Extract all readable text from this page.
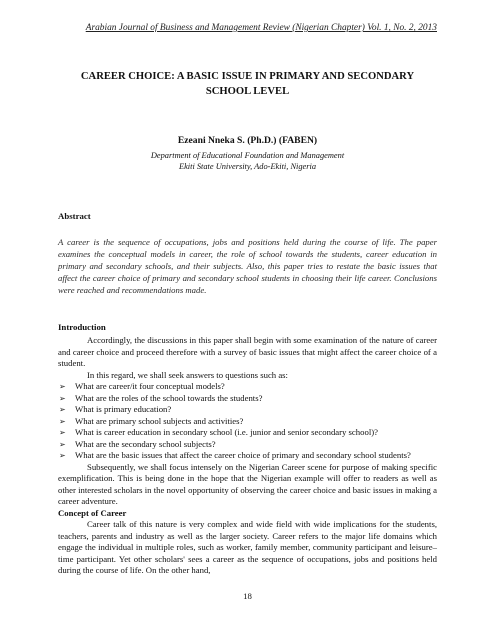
Arabian Journal of Business and Management Review (Nigerian Chapter) Vol. 1, No. 2, 2013
CAREER CHOICE: A BASIC ISSUE IN PRIMARY AND SECONDARY
SCHOOL LEVEL
Ezeani Nneka S. (Ph.D.) (FABEN)
Department of Educational Foundation and Management
Ekiti State University, Ado-Ekiti, Nigeria
Abstract
A career is the sequence of occupations, jobs and positions held during the course of life. The paper examines the conceptual models in career, the role of school towards the students, career education in primary and secondary schools, and their subjects. Also, this paper tries to restate the basic issues that affect the career choice of primary and secondary school students in choosing their life career. Conclusions were reached and recommendations made.
Introduction

Accordingly, the discussions in this paper shall begin with some examination of the nature of career and career choice and proceed therefore with a survey of basic issues that might affect the career choice of a student.

In this regard, we shall seek answers to questions such as:

➢ What are career/it four conceptual models?
➢ What are the roles of the school towards the students?
➢ What is primary education?
➢ What are primary school subjects and activities?
➢ What is career education in secondary school (i.e. junior and senior secondary school)?
➢ What are the secondary school subjects?
➢ What are the basic issues that affect the career choice of primary and secondary school students?

Subsequently, we shall focus intensely on the Nigerian Career scene for purpose of making specific exemplification. This is being done in the hope that the Nigerian example will offer to readers as well as other interested scholars in the novel opportunity of observing the career choice and basic issues in making a career adventure.

Concept of Career

Career talk of this nature is very complex and wide field with wide implications for the students, teachers, parents and industry as well as the larger society. Career refers to the major life domains which engage the individual in multiple roles, such as worker, family member, community participant and leisure–time participant. Yet other scholars' sees a career as the sequence of occupations, jobs and positions held during the course of life. On the other hand,

18
